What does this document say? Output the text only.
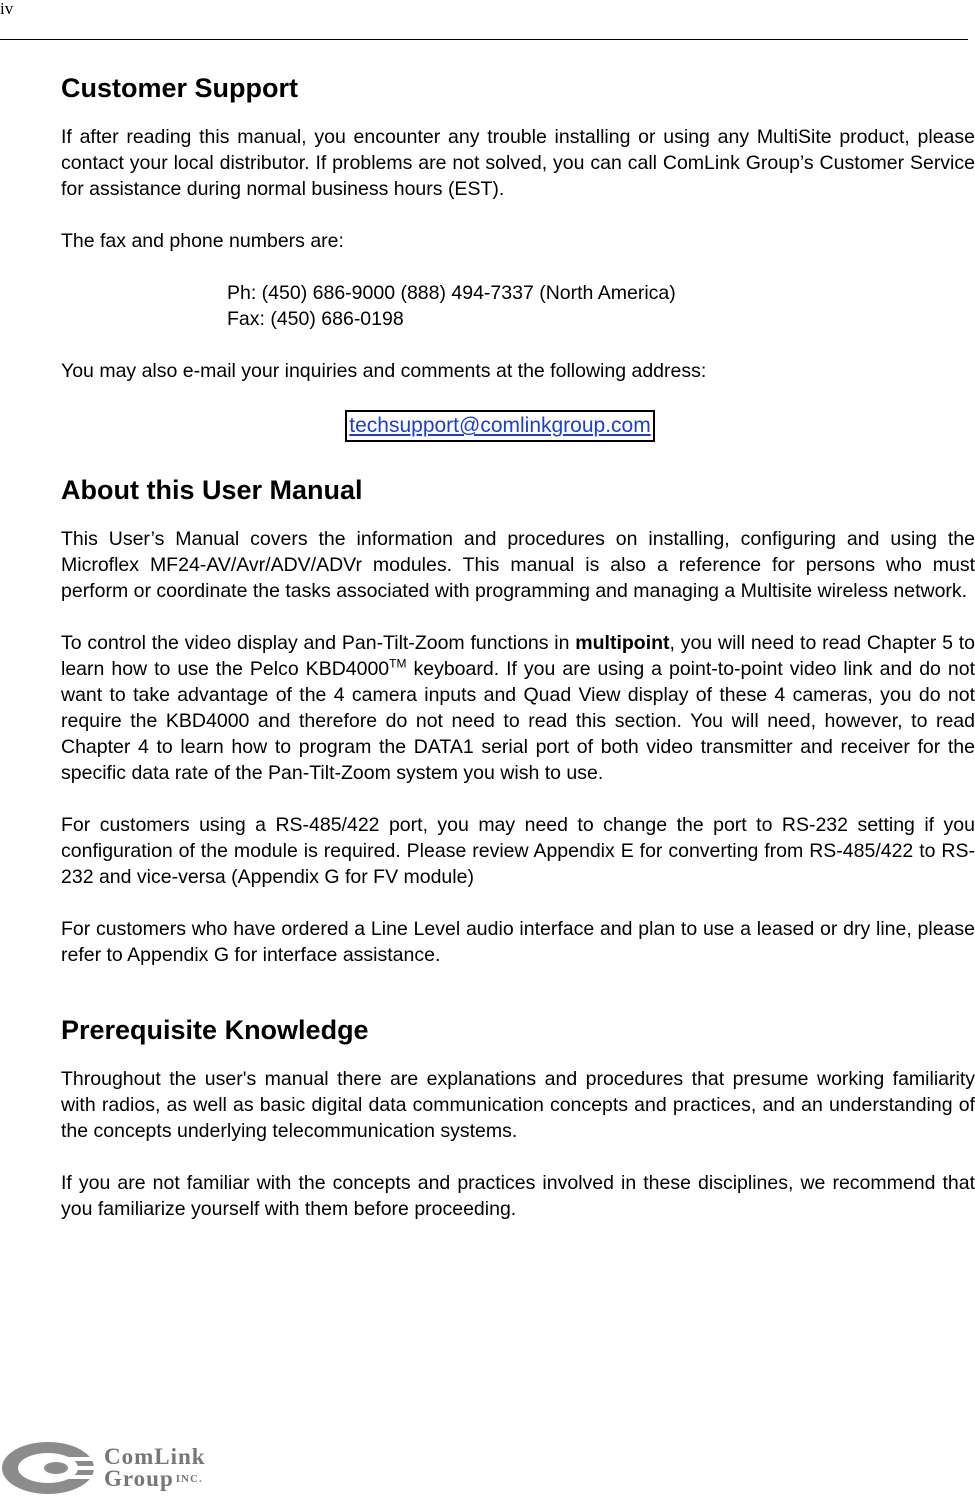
iv
Customer Support

If after reading this manual, you encounter any trouble installing or using any MultiSite product, please contact your local distributor. If problems are not solved, you can call ComLink Group’s Customer Service for assistance during normal business hours (EST).

The fax and phone numbers are:

Ph: (450) 686-9000 (888) 494-7337 (North America)

Fax: (450) 686-0198

You may also e-mail your inquiries and comments at the following address:

techsupport@comlinkgroup.com
About this User Manual

This User’s Manual covers the information and procedures on installing, configuring and using the Microflex MF24-AV/Avr/ADV/ADVr modules. This manual is also a reference for persons who must perform or coordinate the tasks associated with programming and managing a Multisite wireless network.

To control the video display and Pan-Tilt-Zoom functions in multipoint, you will need to read Chapter 5 to learn how to use the Pelco KBD4000™ keyboard. If you are using a point-to-point video link and do not want to take advantage of the 4 camera inputs and Quad View display of these 4 cameras, you do not require the KBD4000 and therefore do not need to read this section. You will need, however, to read Chapter 4 to learn how to program the DATA1 serial port of both video transmitter and receiver for the specific data rate of the Pan-Tilt-Zoom system you wish to use.

For customers using a RS-485/422 port, you may need to change the port to RS-232 setting if you configuration of the module is required. Please review Appendix E for converting from RS-485/422 to RS-232 and vice-versa (Appendix G for FV module)

For customers who have ordered a Line Level audio interface and plan to use a leased or dry line, please refer to Appendix G for interface assistance.

Prerequisite Knowledge

Throughout the user's manual there are explanations and procedures that presume working familiarity with radios, as well as basic digital data communication concepts and practices, and an understanding of the concepts underlying telecommunication systems.

If you are not familiar with the concepts and practices involved in these disciplines, we recommend that you familiarize yourself with them before proceeding.

ComLink
Group $^{INC.}$
